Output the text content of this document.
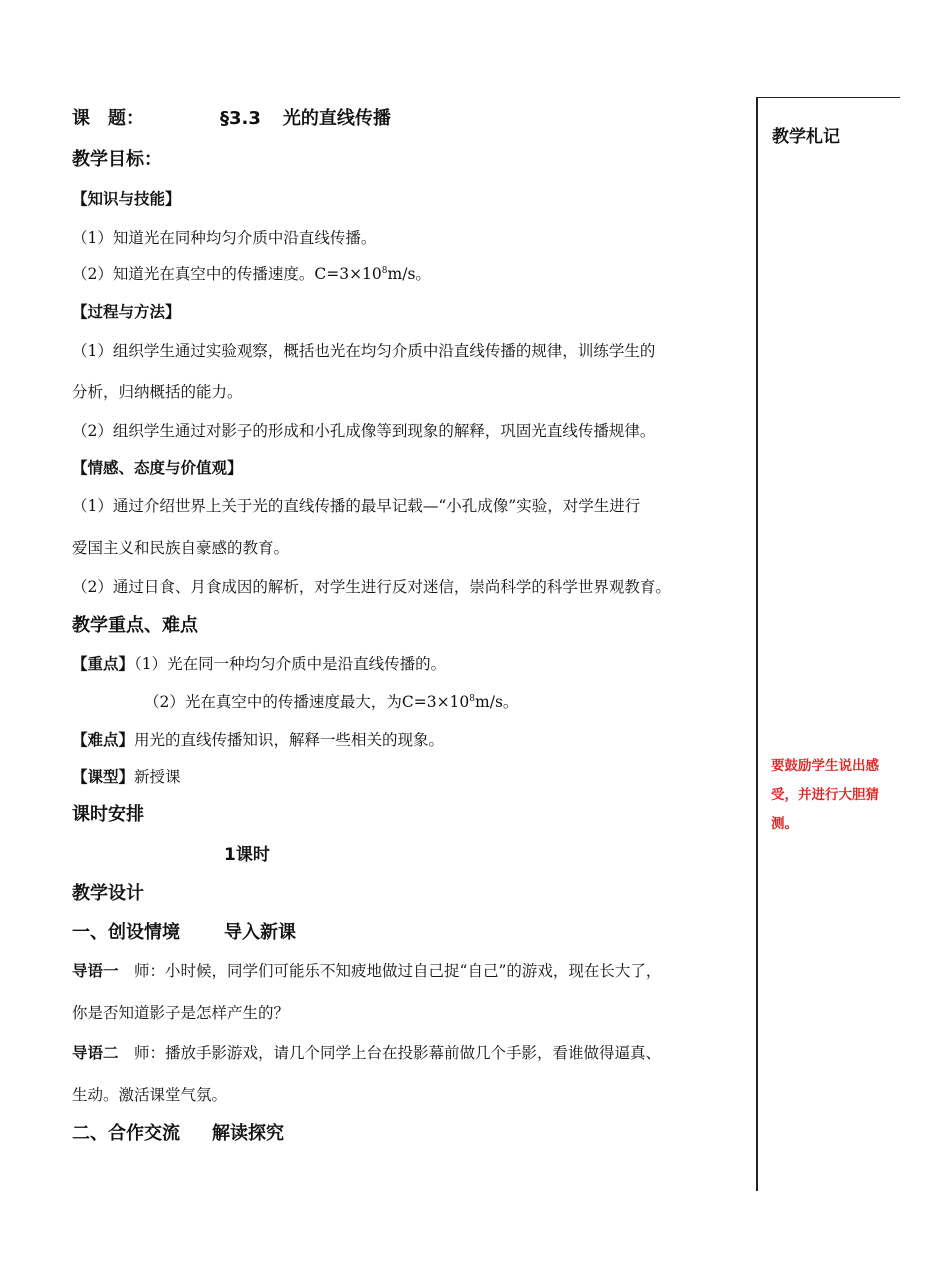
课　题：	§3.3 光的直线传播
教学目标：
【知识与技能】
（1）知道光在同种均匀介质中沿直线传播。
（2）知道光在真空中的传播速度。$C=3\times 10^8m/s$。
【过程与方法】
（1）组织学生通过实验观察，概括也光在均匀介质中沿直线传播的规律，训练学生的
分析，归纳概括的能力。
（2）组织学生通过对影子的形成和小孔成像等到现象的解释，巩固光直线传播规律。
【情感、态度与价值观】
（1）通过介绍世界上关于光的直线传播的最早记载—“小孔成像”实验，对学生进行
爱国主义和民族自豪感的教育。
（2）通过日食、月食成因的解析，对学生进行反对迷信，崇尚科学的科学世界观教育。
教学重点、难点
【重点】（1）光在同一种均匀介质中是沿直线传播的。
（2）光在真空中的传播速度最大，为$C=3\times 10^8m/s$。
【难点】用光的直线传播知识，解释一些相关的现象。
【课型】新授课
课时安排
1课时
教学设计
一、创设情境 导入新课
导语一　师：小时候，同学们可能乐不知疲地做过自己捉“自己”的游戏，现在长大了，
你是否知道影子是怎样产生的？
导语二　师：播放手影游戏，请几个同学上台在投影幕前做几个手影，看谁做得逼真、
生动。激活课堂气氛。
二、合作交流 解读探究
教学札记
要鼓励学生说出感受，并进行大胆猜测。
